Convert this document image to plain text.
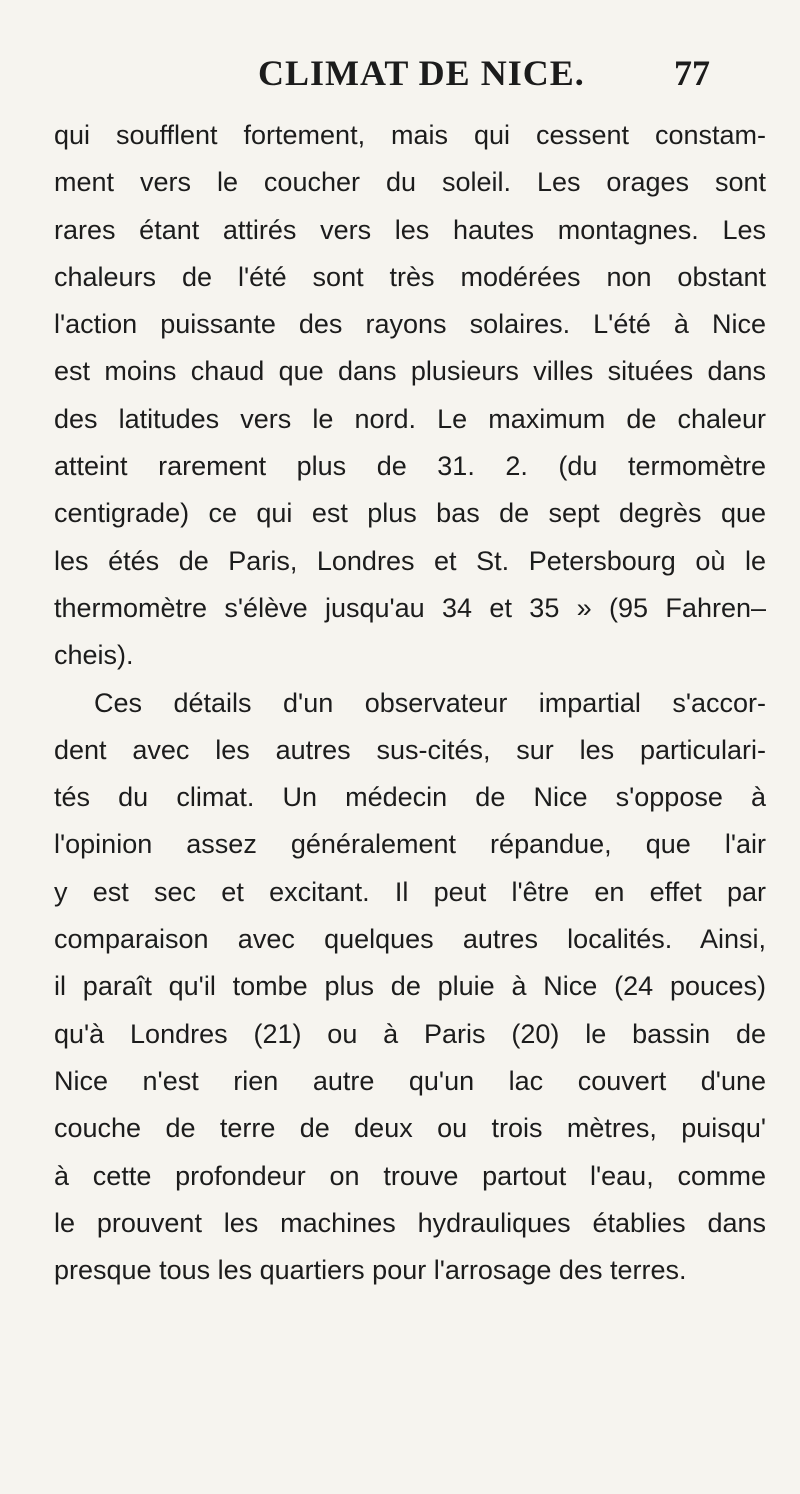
CLIMAT DE NICE. 77
qui soufflent fortement, mais qui cessent constam-
ment vers le coucher du soleil. Les orages sont
rares étant attirés vers les hautes montagnes. Les
chaleurs de l'été sont très modérées non obstant
l'action puissante des rayons solaires. L'été à Nice
est moins chaud que dans plusieurs villes situées dans
des latitudes vers le nord. Le maximum de chaleur
atteint rarement plus de 31. 2. (du termomètre
centigrade) ce qui est plus bas de sept degrès que
les étés de Paris, Londres et St. Petersbourg où le
thermomètre s'élève jusqu'au 34 et 35 » (95 Fahren–
cheis).
Ces détails d'un observateur impartial s'accor-
dent avec les autres sus-cités, sur les particulari-
tés du climat. Un médecin de Nice s'oppose à
l'opinion assez généralement répandue, que l'air
y est sec et excitant. Il peut l'être en effet par
comparaison avec quelques autres localités. Ainsi,
il paraît qu'il tombe plus de pluie à Nice (24 pouces)
qu'à Londres (21) ou à Paris (20) le bassin de
Nice n'est rien autre qu'un lac couvert d'une
couche de terre de deux ou trois mètres, puisqu'
à cette profondeur on trouve partout l'eau, comme
le prouvent les machines hydrauliques établies dans
presque tous les quartiers pour l'arrosage des terres.
